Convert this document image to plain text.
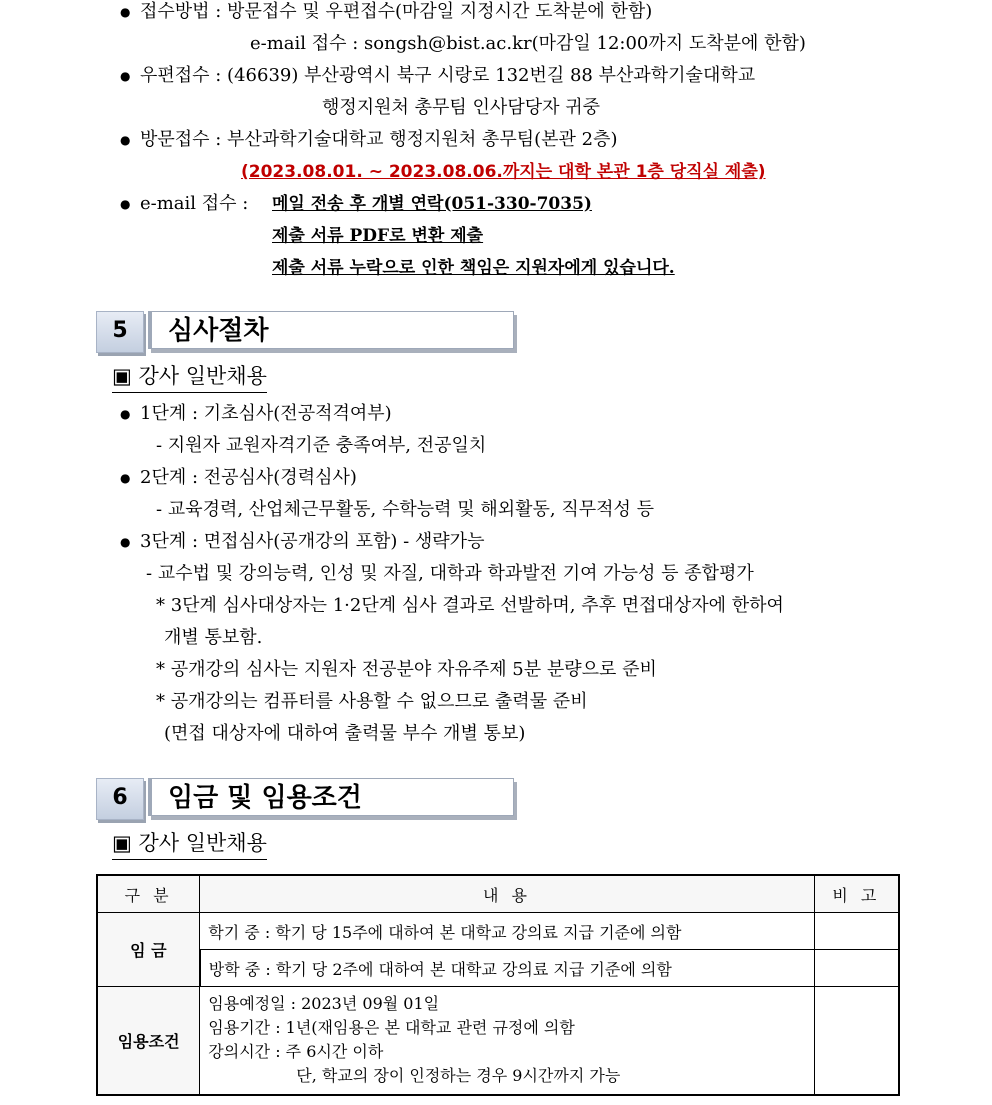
● 접수방법 : 방문접수 및 우편접수(마감일 지정시간 도착분에 한함)
e-mail 접수 : songsh@bist.ac.kr(마감일 12:00까지 도착분에 한함)
● 우편접수 : (46639) 부산광역시 북구 시랑로 132번길 88 부산과학기술대학교
행정지원처 총무팀 인사담당자 귀중
● 방문접수 : 부산과학기술대학교 행정지원처 총무팀(본관 2층)
(2023.08.01. ~ 2023.08.06.까지는 대학 본관 1층 당직실 제출)
● e-mail 접수 : 메일 전송 후 개별 연락(051-330-7035)
제출 서류 PDF로 변환 제출
제출 서류 누락으로 인한 책임은 지원자에게 있습니다.
5	심사절차
▣ 강사 일반채용
● 1단계 : 기초심사(전공적격여부)
- 지원자 교원자격기준 충족여부, 전공일치
● 2단계 : 전공심사(경력심사)
- 교육경력, 산업체근무활동, 수학능력 및 해외활동, 직무적성 등
● 3단계 : 면접심사(공개강의 포함) - 생략가능
- 교수법 및 강의능력, 인성 및 자질, 대학과 학과발전 기여 가능성 등 종합평가
* 3단계 심사대상자는 1·2단계 심사 결과로 선발하며, 추후 면접대상자에 한하여
개별 통보함.
* 공개강의 심사는 지원자 전공분야 자유주제 5분 분량으로 준비
* 공개강의는 컴퓨터를 사용할 수 없으므로 출력물 준비
(면접 대상자에 대하여 출력물 부수 개별 통보)
6	임금 및 임용조건
▣ 강사 일반채용
구 분	내 용	비 고
임 금	학기 중 : 학기 당 15주에 대하여 본 대학교 강의료 지급 기준에 의함	
	방학 중 : 학기 당 2주에 대하여 본 대학교 강의료 지급 기준에 의함	
임용조건	임용예정일 : 2023년 09월 01일
임용기간 : 1년(재임용은 본 대학교 관련 규정에 의함
강의시간 : 주 6시간 이하
단, 학교의 장이 인정하는 경우 9시간까지 가능	
